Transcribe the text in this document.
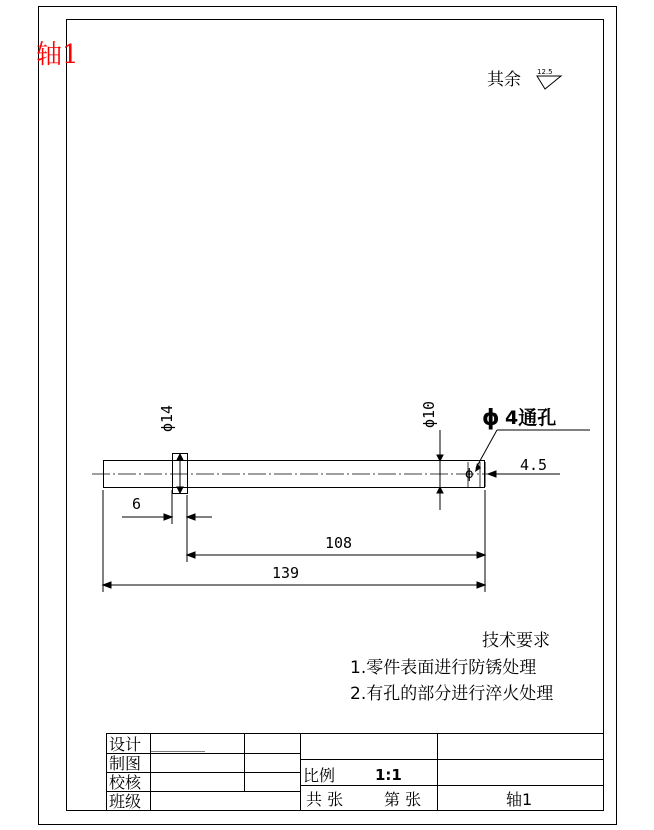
轴1
其余 12.5
ϕ14	ϕ10 ϕ 4通孔
ϕ
4.5
6
108
139
技术要求
1.零件表面进行防锈处理
2.有孔的部分进行淬火处理
设计
制图
校核
班级
比例	1:1
共 张	第 张	轴1
